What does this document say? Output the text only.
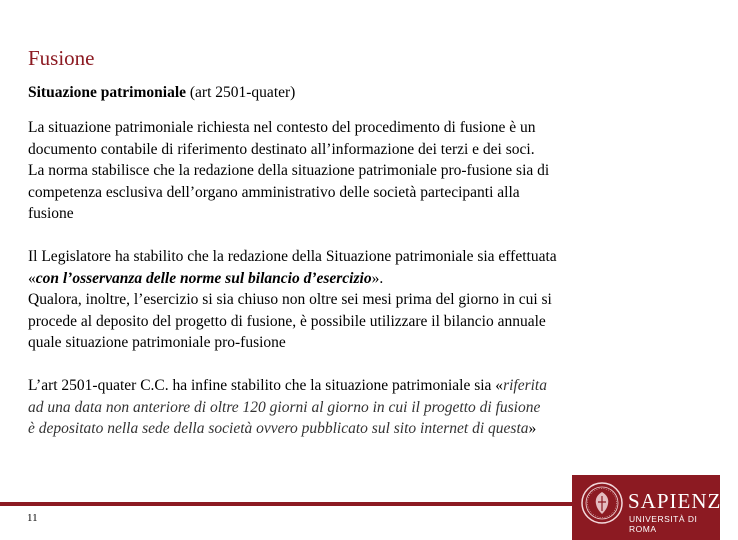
Fusione
Situazione patrimoniale (art 2501-quater)

La situazione patrimoniale richiesta nel contesto del procedimento di fusione è un

documento contabile di riferimento destinato all’informazione dei terzi e dei soci.

La norma stabilisce che la redazione della situazione patrimoniale pro-fusione sia di

competenza esclusiva dell’organo amministrativo delle società partecipanti alla

fusione

Il Legislatore ha stabilito che la redazione della Situazione patrimoniale sia effettuata

«con l’osservanza delle norme sul bilancio d’esercizio».

Qualora, inoltre, l’esercizio si sia chiuso non oltre sei mesi prima del giorno in cui si

procede al deposito del progetto di fusione, è possibile utilizzare il bilancio annuale

quale situazione patrimoniale pro-fusione

L’art 2501-quater C.C. ha infine stabilito che la situazione patrimoniale sia «riferita

ad una data non anteriore di oltre 120 giorni al giorno in cui il progetto di fusione

è depositato nella sede della società ovvero pubblicato sul sito internet di questa»

SAPIENZA
UNIVERSITÀ DI ROMA
11
